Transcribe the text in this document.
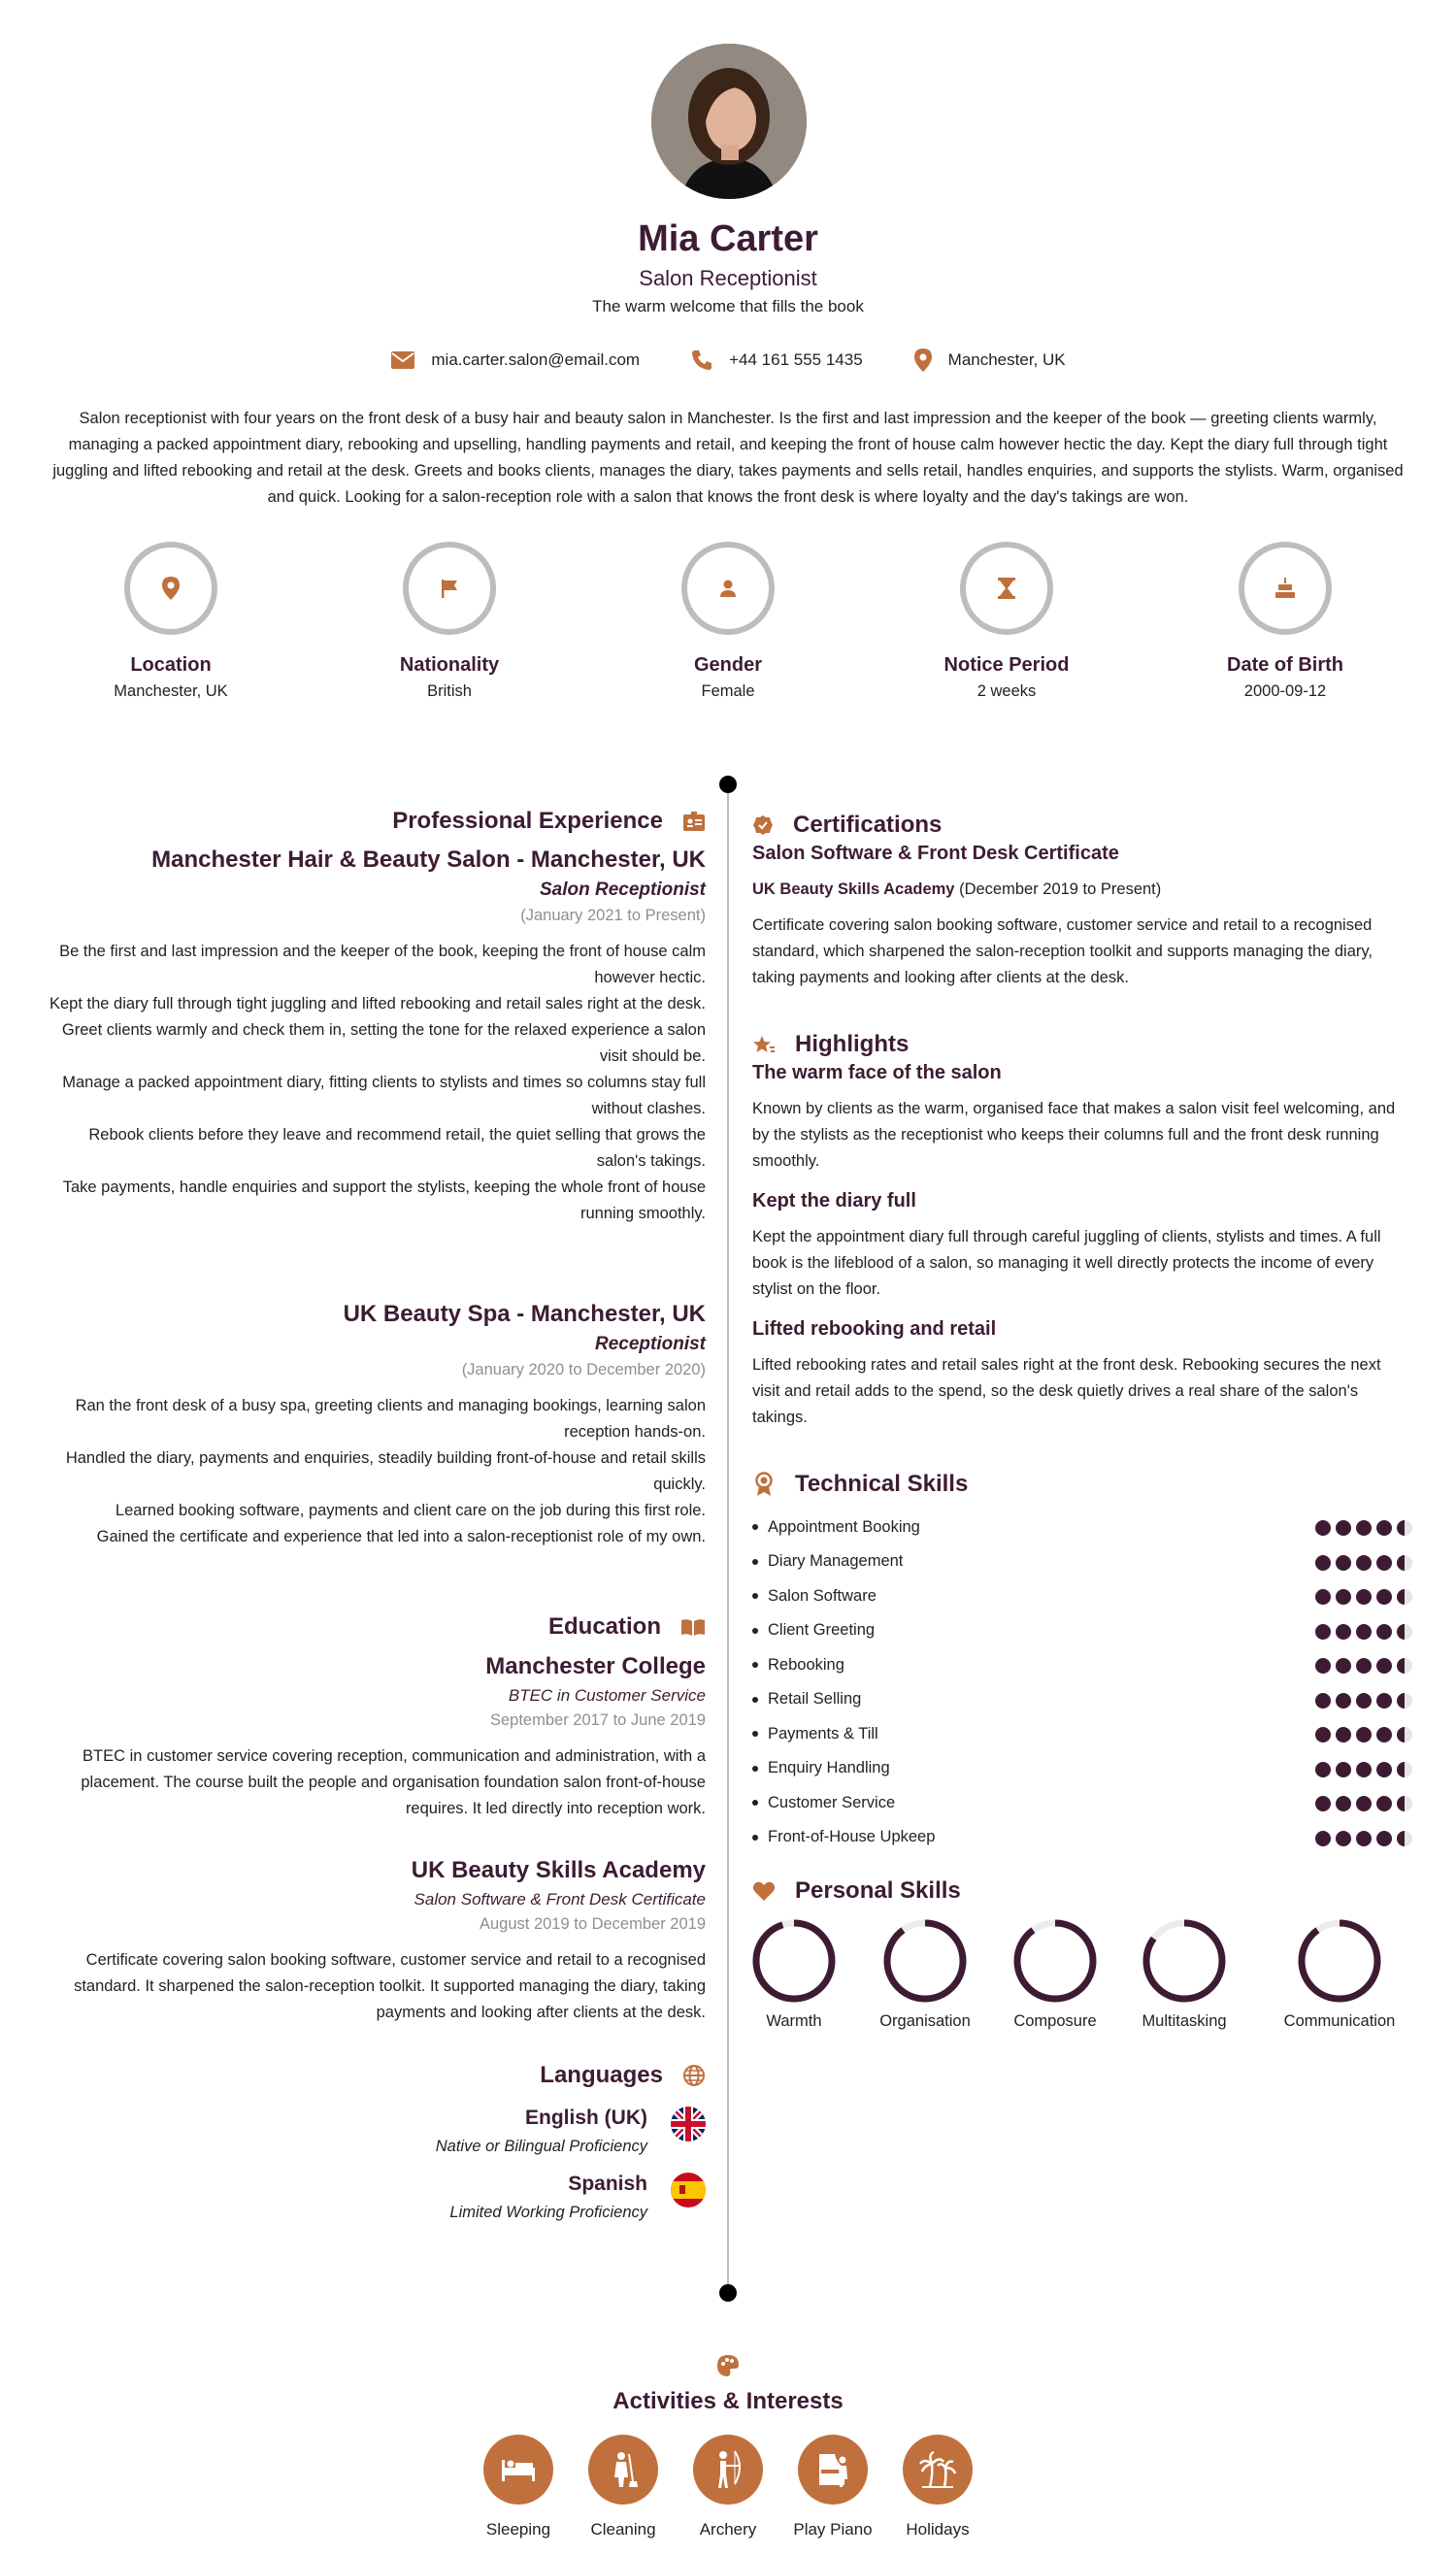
Mia Carter
Salon Receptionist
The warm welcome that fills the book
mia.carter.salon@email.com	+44 161 555 1435	Manchester, UK
Salon receptionist with four years on the front desk of a busy hair and beauty salon in Manchester. Is the first and last impression and the keeper of the book — greeting clients warmly, managing a packed appointment diary, rebooking and upselling, handling payments and retail, and keeping the front of house calm however hectic the day. Kept the diary full through tight juggling and lifted rebooking and retail at the desk. Greets and books clients, manages the diary, takes payments and sells retail, handles enquiries, and supports the stylists. Warm, organised and quick. Looking for a salon-reception role with a salon that knows the front desk is where loyalty and the day's takings are won.
Location
Manchester, UK
Nationality
British
Gender
Female
Notice Period
2 weeks
Date of Birth
2000-09-12
Professional Experience
Manchester Hair & Beauty Salon - Manchester, UK
Salon Receptionist
(January 2021 to Present)
Be the first and last impression and the keeper of the book, keeping the front of house calm however hectic.
Kept the diary full through tight juggling and lifted rebooking and retail sales right at the desk.
Greet clients warmly and check them in, setting the tone for the relaxed experience a salon visit should be.
Manage a packed appointment diary, fitting clients to stylists and times so columns stay full without clashes.
Rebook clients before they leave and recommend retail, the quiet selling that grows the salon's takings.
Take payments, handle enquiries and support the stylists, keeping the whole front of house running smoothly.
UK Beauty Spa - Manchester, UK
Receptionist
(January 2020 to December 2020)
Ran the front desk of a busy spa, greeting clients and managing bookings, learning salon reception hands-on.
Handled the diary, payments and enquiries, steadily building front-of-house and retail skills quickly.
Learned booking software, payments and client care on the job during this first role.
Gained the certificate and experience that led into a salon-receptionist role of my own.
Education
Manchester College
BTEC in Customer Service
September 2017 to June 2019
BTEC in customer service covering reception, communication and administration, with a placement. The course built the people and organisation foundation salon front-of-house requires. It led directly into reception work.
UK Beauty Skills Academy
Salon Software & Front Desk Certificate
August 2019 to December 2019
Certificate covering salon booking software, customer service and retail to a recognised standard. It sharpened the salon-reception toolkit. It supported managing the diary, taking payments and looking after clients at the desk.
Languages
English (UK)
Native or Bilingual Proficiency
Spanish
Limited Working Proficiency
Certifications
Salon Software & Front Desk Certificate
UK Beauty Skills Academy (December 2019 to Present)
Certificate covering salon booking software, customer service and retail to a recognised standard, which sharpened the salon-reception toolkit and supports managing the diary, taking payments and looking after clients at the desk.
Highlights
The warm face of the salon
Known by clients as the warm, organised face that makes a salon visit feel welcoming, and by the stylists as the receptionist who keeps their columns full and the front desk running smoothly.
Kept the diary full
Kept the appointment diary full through careful juggling of clients, stylists and times. A full book is the lifeblood of a salon, so managing it well directly protects the income of every stylist on the floor.
Lifted rebooking and retail
Lifted rebooking rates and retail sales right at the front desk. Rebooking secures the next visit and retail adds to the spend, so the desk quietly drives a real share of the salon's takings.
Technical Skills
Appointment Booking
Diary Management
Salon Software
Client Greeting
Rebooking
Retail Selling
Payments & Till
Enquiry Handling
Customer Service
Front-of-House Upkeep
Personal Skills
Warmth	Organisation	Composure	Multitasking	Communication
Activities & Interests
Sleeping	Cleaning	Archery	Play Piano	Holidays
